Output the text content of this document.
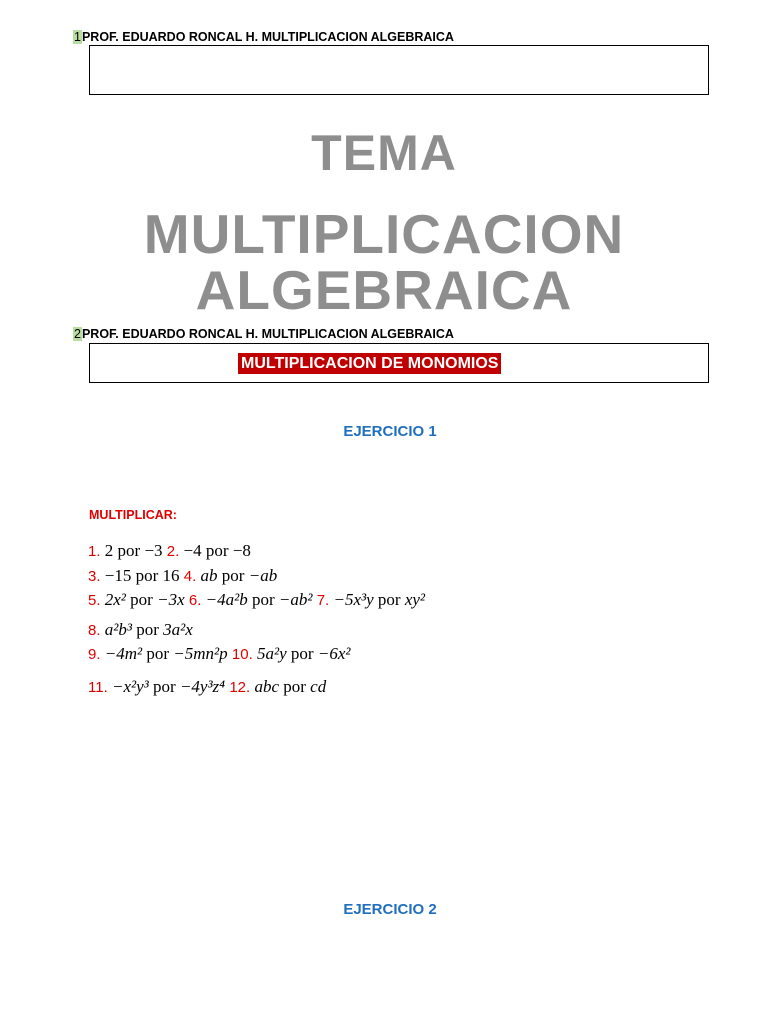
1PROF. EDUARDO RONCAL H. MULTIPLICACION ALGEBRAICA
TEMA
MULTIPLICACION
ALGEBRAICA
2PROF. EDUARDO RONCAL H. MULTIPLICACION ALGEBRAICA
MULTIPLICACION DE MONOMIOS
EJERCICIO 1
MULTIPLICAR:
1. 2 por −3 2. −4 por −8
3. −15 por 16 4. ab por −ab
5. 2x² por −3x 6. −4a²b por −ab² 7. −5x³y por xy²
8. a²b³ por 3a²x
9. −4m² por −5mn²p 10. 5a²y por −6x²
11. −x²y³ por −4y³z⁴ 12. abc por cd
EJERCICIO 2
